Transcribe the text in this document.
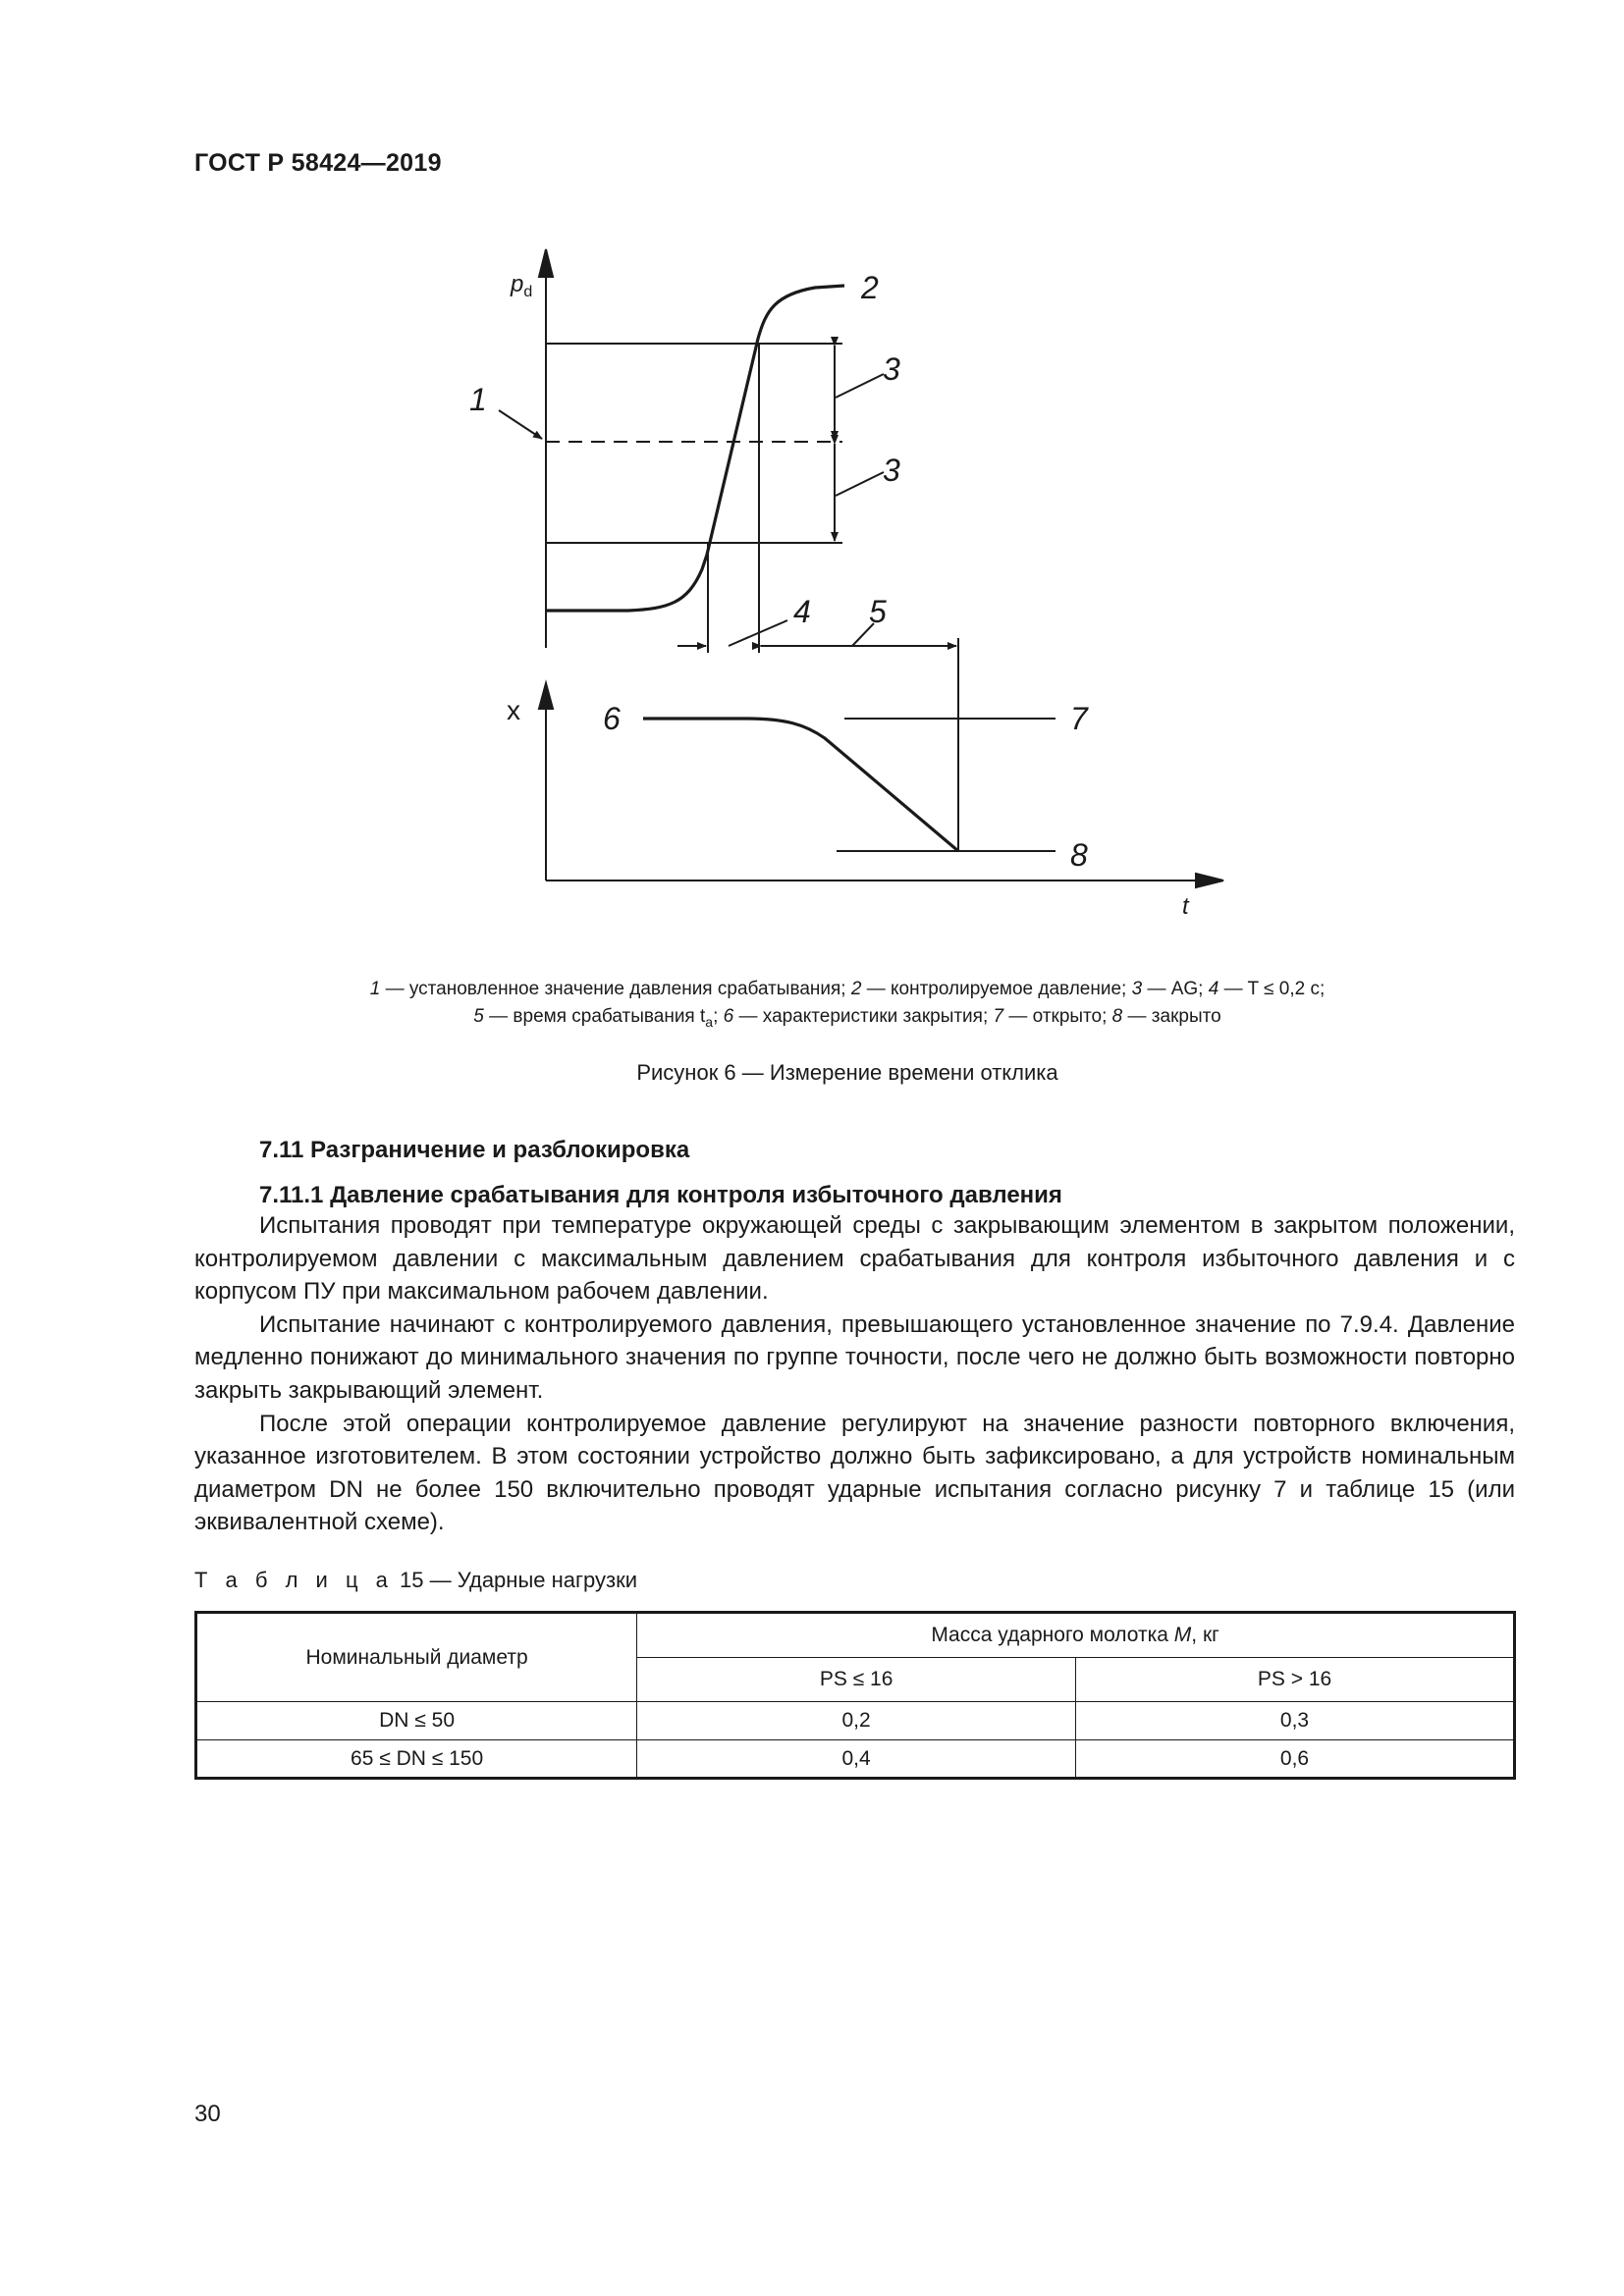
ГОСТ Р 58424—2019
$p_d$
1
2
3
3
4 5
6	7
8
x
t
1 — установленное значение давления срабатывания; 2 — контролируемое давление; 3 — AG; 4 — T ≤ 0,2 с;
5 — время срабатывания $t_a$; 6 — характеристики закрытия; 7 — открыто; 8 — закрыто
Рисунок 6 — Измерение времени отклика
7.11 Разграничение и разблокировка
7.11.1 Давление срабатывания для контроля избыточного давления

Испытания проводят при температуре окружающей среды с закрывающим элементом в закрытом положении, контролируемом давлении с максимальным давлением срабатывания для контроля избыточного давления и с корпусом ПУ при максимальном рабочем давлении.

Испытание начинают с контролируемого давления, превышающего установленное значение по 7.9.4. Давление медленно понижают до минимального значения по группе точности, после чего не должно быть возможности повторно закрыть закрывающий элемент.

После этой операции контролируемое давление регулируют на значение разности повторного включения, указанное изготовителем. В этом состоянии устройство должно быть зафиксировано, а для устройств номинальным диаметром DN не более 150 включительно проводят ударные испытания согласно рисунку 7 и таблице 15 (или эквивалентной схеме).

Т а б л и ц а 15 — Ударные нагрузки
Номинальный диаметр	Масса ударного молотка M, кг	
	PS ≤ 16	PS > 16
DN ≤ 50	0,2	0,3
65 ≤ DN ≤ 150	0,4	0,6
30
